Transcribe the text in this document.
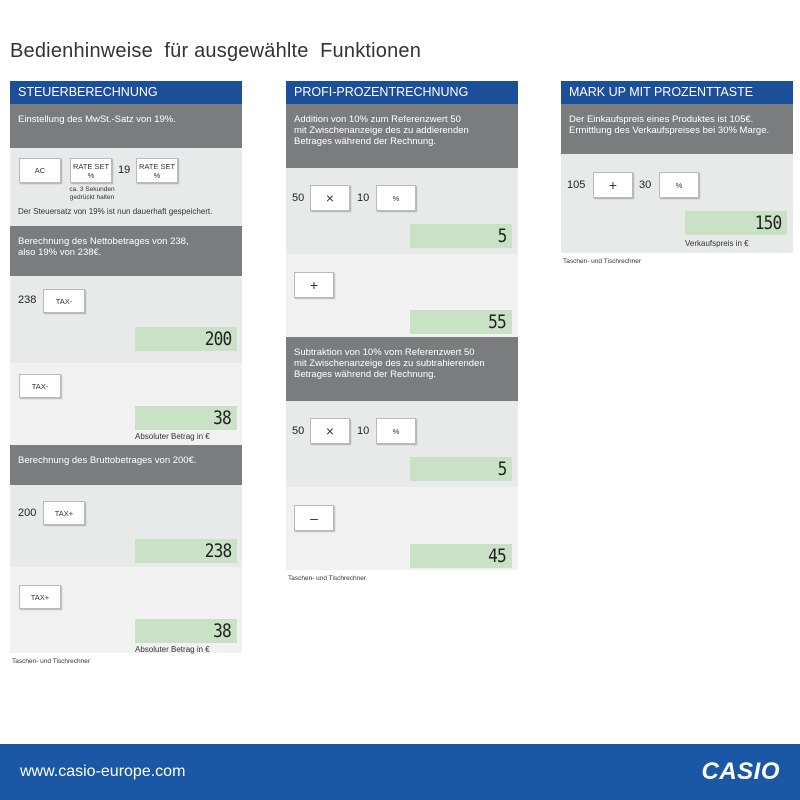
Bedienhinweise  für ausgewählte  Funktionen
STEUERBERECHNUNG
Einstellung des MwSt.-Satz von 19%.
AC	RATE SET
%	19 RATE SET
%
ca. 3 Sekunden
gedrückt halten
Der Steuersatz von 19% ist nun dauerhaft gespeichert.
Berechnung des Nettobetrages von 238,
also 19% von 238€.
238	TAX-
200
TAX-
38
Absoluter Betrag in €
Berechnung des Bruttobetrages von 200€.
200	TAX+
238
TAX+
38
Absoluter Betrag in €
Taschen- und Tischrechner
PROFI-PROZENTRECHNUNG
Addition von 10% zum Referenzwert 50
mit Zwischenanzeige des zu addierenden
Betrages während der Rechnung.
50	×	10	%
5
+
55
Subtraktion von 10% vom Referenzwert 50
mit Zwischenanzeige des zu subtrahierenden
Betrages während der Rechnung.
50	×	10	%
5
–
45
Taschen- und Tischrechner
MARK UP MIT PROZENTTASTE
Der Einkaufspreis eines Produktes ist 105€.
Ermittlung des Verkaufspreises bei 30% Marge.
105	+	30	%
150
Verkaufspreis in €
Taschen- und Tischrechner
www.casio-europe.com	CASIO
